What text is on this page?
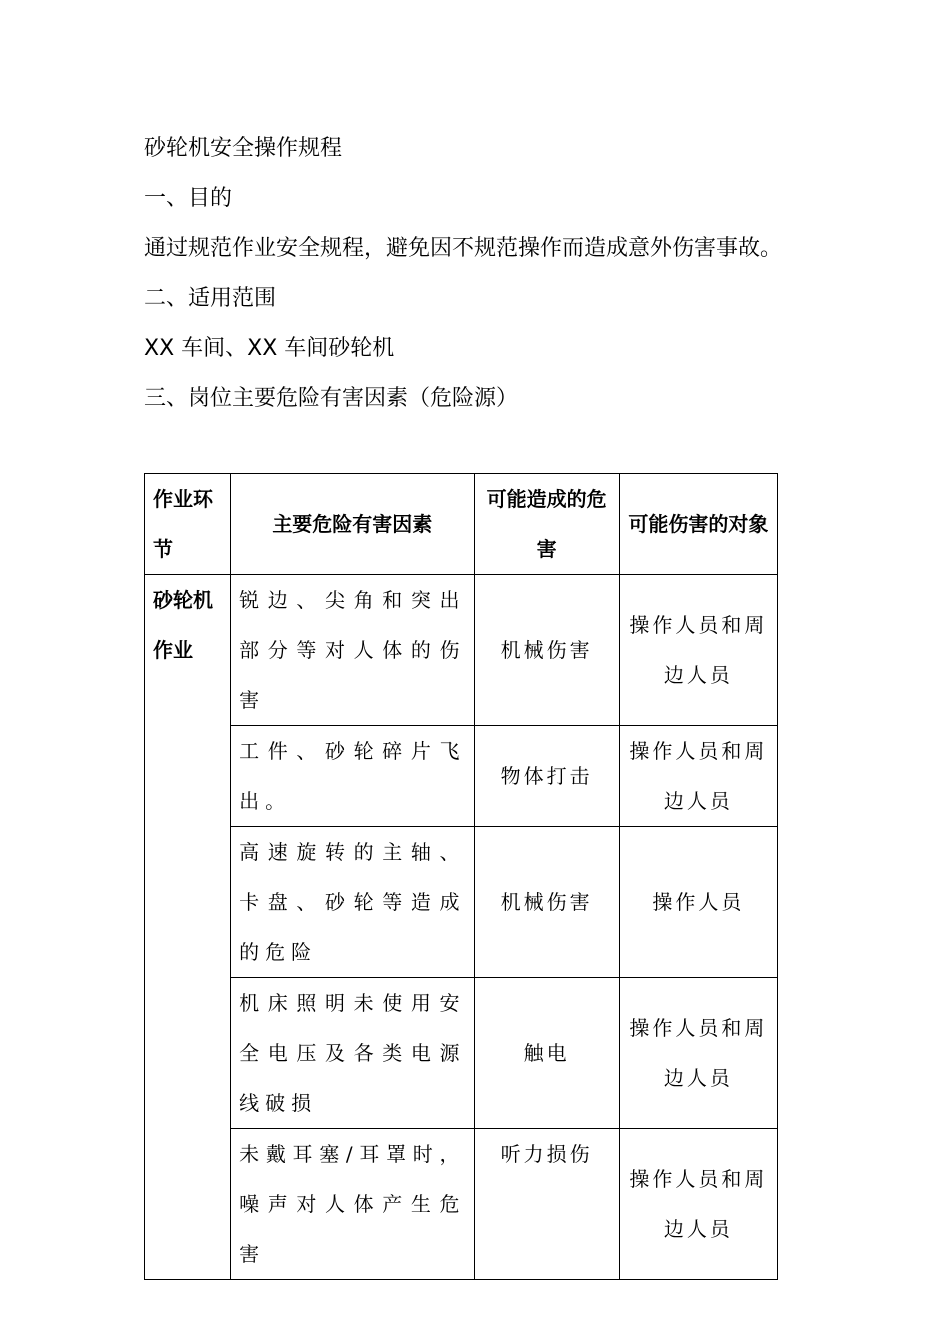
砂轮机安全操作规程

一、目的

通过规范作业安全规程，避免因不规范操作而造成意外伤害事故。

二、适用范围

XX 车间、XX 车间砂轮机

三、岗位主要危险有害因素（危险源）

作业环节	主要危险有害因素	可能造成的危害	可能伤害的对象
砂轮机作业	锐边、尖角和突出部分等对人体的伤害	机械伤害	操作人员和周边人员
	工件、砂轮碎片飞出。	物体打击	操作人员和周边人员
	高速旋转的主轴、卡盘、砂轮等造成的危险	机械伤害	操作人员
	机床照明未使用安全电压及各类电源线破损	触电	操作人员和周边人员
	未戴耳塞/耳罩时，噪声对人体产生危害	听力损伤	操作人员和周边人员
